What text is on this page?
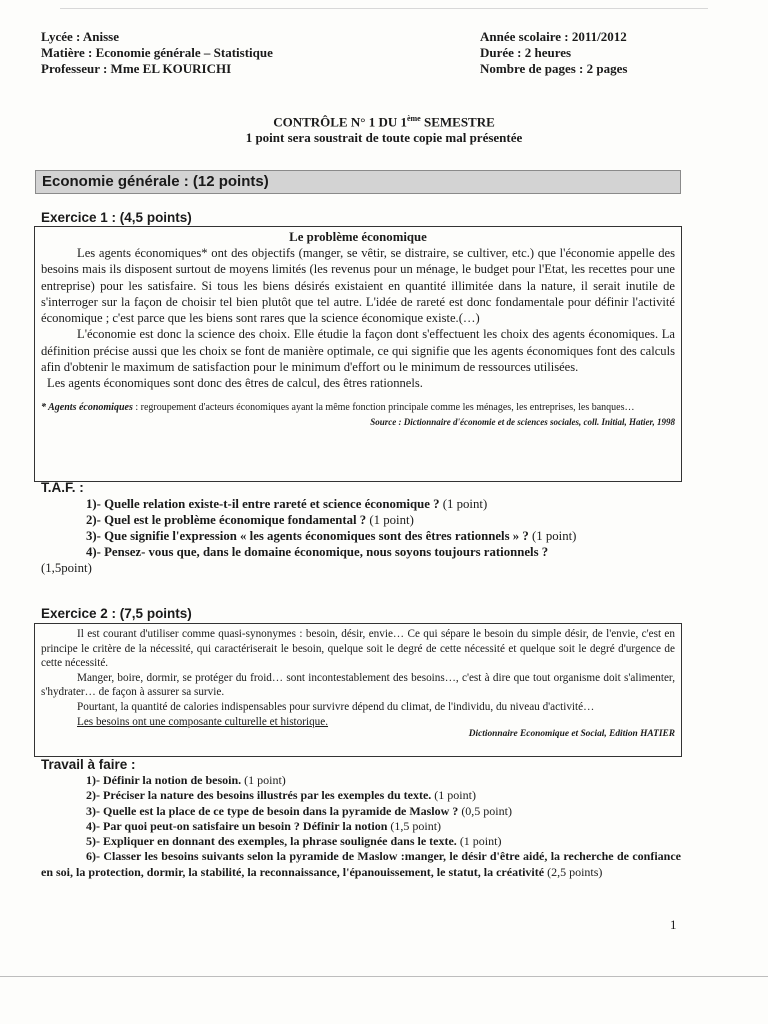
Lycée : Anisse
Matière : Economie générale – Statistique
Professeur : Mme EL KOURICHI
Année scolaire : 2011/2012
Durée : 2 heures
Nombre de pages : 2 pages
CONTRÔLE N° 1 DU 1ème SEMESTRE
1 point sera soustrait de toute copie mal présentée
Economie générale : (12 points)
Exercice 1 : (4,5 points)
Le problème économique

Les agents économiques* ont des objectifs (manger, se vêtir, se distraire, se cultiver, etc.) que l'économie appelle des besoins mais ils disposent surtout de moyens limités (les revenus pour un ménage, le budget pour l'Etat, les recettes pour une entreprise) pour les satisfaire. Si tous les biens désirés existaient en quantité illimitée dans la nature, il serait inutile de s'interroger sur la façon de choisir tel bien plutôt que tel autre. L'idée de rareté est donc fondamentale pour définir l'activité économique ; c'est parce que les biens sont rares que la science économique existe.(…)

L'économie est donc la science des choix. Elle étudie la façon dont s'effectuent les choix des agents économiques. La définition précise aussi que les choix se font de manière optimale, ce qui signifie que les agents économiques font des calculs afin d'obtenir le maximum de satisfaction pour le minimum d'effort ou le minimum de ressources utilisées.

Les agents économiques sont donc des êtres de calcul, des êtres rationnels.

* Agents économiques : regroupement d'acteurs économiques ayant la même fonction principale comme les ménages, les entreprises, les banques…

Source : Dictionnaire d'économie et de sciences sociales, coll. Initial, Hatier, 1998
T.A.F. :
1)- Quelle relation existe-t-il entre rareté et science économique ? (1 point)
2)- Quel est le problème économique fondamental ? (1 point)
3)- Que signifie l'expression « les agents économiques sont des êtres rationnels » ? (1 point)
4)- Pensez- vous que, dans le domaine économique, nous soyons toujours rationnels ?
(1,5point)
Exercice 2 : (7,5 points)

Il est courant d'utiliser comme quasi-synonymes : besoin, désir, envie… Ce qui sépare le besoin du simple désir, de l'envie, c'est en principe le critère de la nécessité, qui caractériserait le besoin, quelque soit le degré de cette nécessité et quelque soit le degré d'urgence de cette nécessité.

Manger, boire, dormir, se protéger du froid… sont incontestablement des besoins…, c'est à dire que tout organisme doit s'alimenter, s'hydrater… de façon à assurer sa survie.

Pourtant, la quantité de calories indispensables pour survivre dépend du climat, de l'individu, du niveau d'activité…

Les besoins ont une composante culturelle et historique.

Dictionnaire Economique et Social, Edition HATIER
Travail à faire :
1)- Définir la notion de besoin. (1 point)
2)- Préciser la nature des besoins illustrés par les exemples du texte. (1 point)
3)- Quelle est la place de ce type de besoin dans la pyramide de Maslow ? (0,5 point)
4)- Par quoi peut-on satisfaire un besoin ? Définir la notion (1,5 point)
5)- Expliquer en donnant des exemples, la phrase soulignée dans le texte. (1 point)
6)- Classer les besoins suivants selon la pyramide de Maslow :manger, le désir d'être aidé, la recherche de confiance en soi, la protection, dormir, la stabilité, la reconnaissance, l'épanouissement, le statut, la créativité (2,5 points)
1
